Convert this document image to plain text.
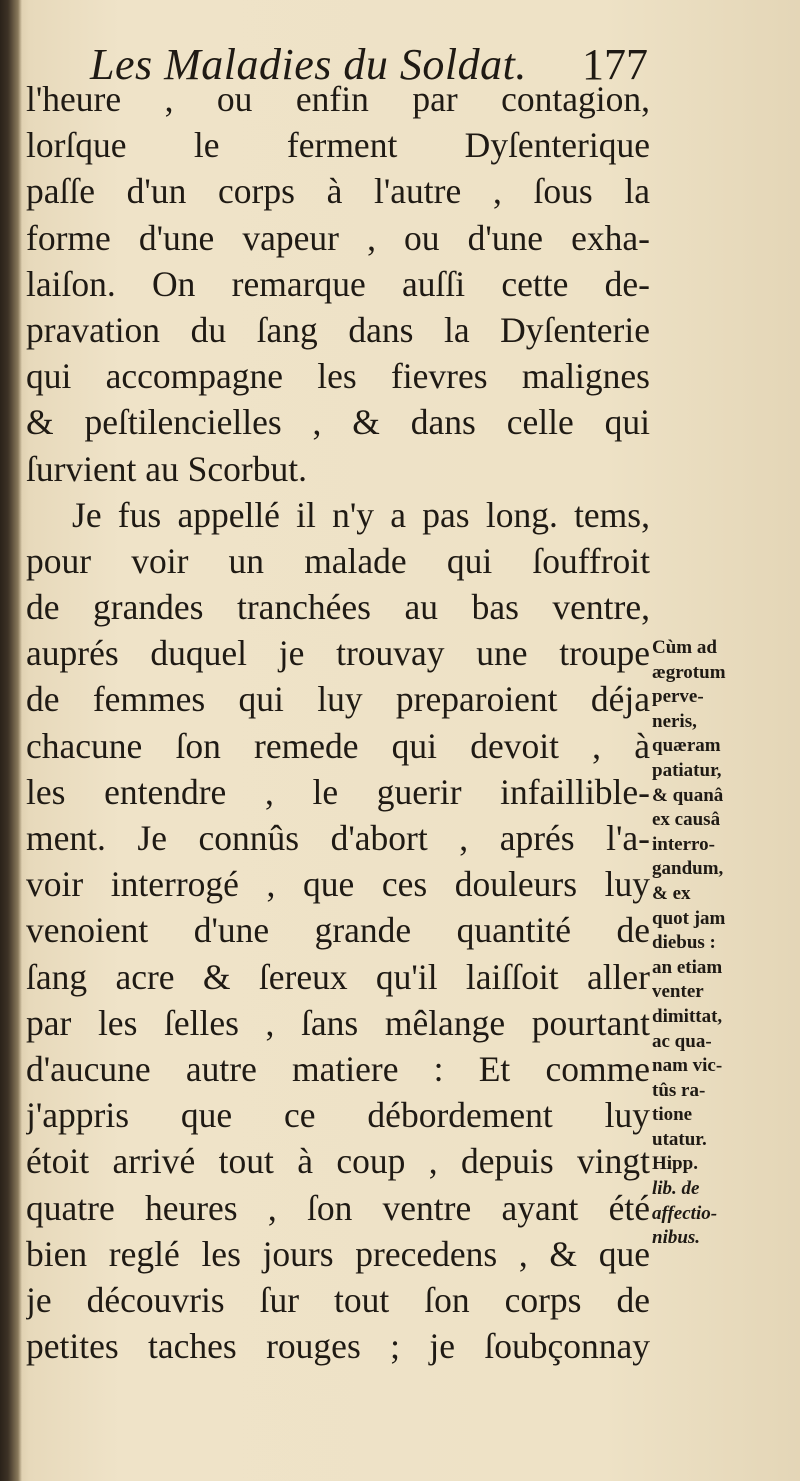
Les Maladies du Soldat. 177
l'heure , ou enfin par contagion,
lorſque le ferment Dyſenterique
paſſe d'un corps à l'autre , ſous la
forme d'une vapeur , ou d'une exha-
laiſon. On remarque auſſi cette de-
pravation du ſang dans la Dyſenterie
qui accompagne les fievres malignes
& peſtilencielles , & dans celle qui
ſurvient au Scorbut.
Je fus appellé il n'y a pas long. tems,
pour voir un malade qui ſouffroit
de grandes tranchées au bas ventre,
auprés duquel je trouvay une troupe
de femmes qui luy preparoient déja
chacune ſon remede qui devoit , à
les entendre , le guerir infailliblе-
ment. Je connûs d'abort , aprés l'a-
voir interrogé , que ces douleurs luy
venoient d'une grande quantité de
ſang acre & ſereux qu'il laiſſoit aller
par les ſelles , ſans mêlange pourtant
d'aucune autre matiere : Et comme
j'appris que ce débordement luy
étoit arrivé tout à coup , depuis vingt
quatre heures , ſon ventre ayant été
bien reglé les jours precedens , & que
je découvris ſur tout ſon corps de
petites taches rouges ; je ſoubçonnay
Cùm ad
ægrotum
perve-
neris,
quæram
patiatur,
& quanâ
ex causâ
interro-
gandum,
& ex
quot jam
diebus :
an etiam
venter
dimittat,
ac qua-
nam vic-
tûs ra-
tione
utatur.
Hipp.
lib. de
affectio-
nibus.
